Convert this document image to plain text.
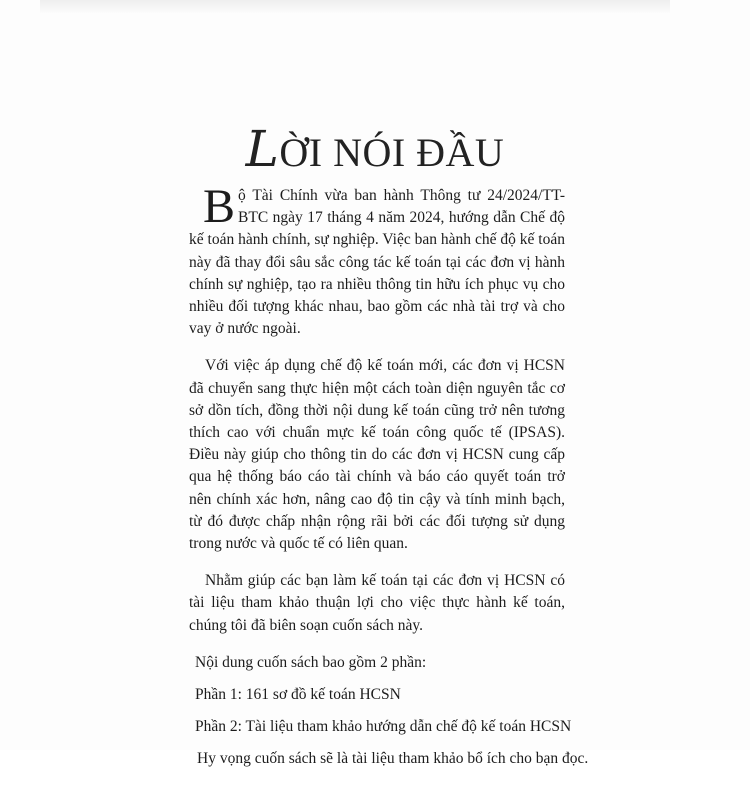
LỜI NÓI ĐẦU

Bộ Tài Chính vừa ban hành Thông tư 24/2024/TT-BTC ngày 17 tháng 4 năm 2024, hướng dẫn Chế độ kế toán hành chính, sự nghiệp. Việc ban hành chế độ kế toán này đã thay đổi sâu sắc công tác kế toán tại các đơn vị hành chính sự nghiệp, tạo ra nhiều thông tin hữu ích phục vụ cho nhiều đối tượng khác nhau, bao gồm các nhà tài trợ và cho vay ở nước ngoài.

Với việc áp dụng chế độ kế toán mới, các đơn vị HCSN đã chuyển sang thực hiện một cách toàn diện nguyên tắc cơ sở dồn tích, đồng thời nội dung kế toán cũng trở nên tương thích cao với chuẩn mực kế toán công quốc tế (IPSAS). Điều này giúp cho thông tin do các đơn vị HCSN cung cấp qua hệ thống báo cáo tài chính và báo cáo quyết toán trở nên chính xác hơn, nâng cao độ tin cậy và tính minh bạch, từ đó được chấp nhận rộng rãi bởi các đối tượng sử dụng trong nước và quốc tế có liên quan.

Nhằm giúp các bạn làm kế toán tại các đơn vị HCSN có tài liệu tham khảo thuận lợi cho việc thực hành kế toán, chúng tôi đã biên soạn cuốn sách này.

Nội dung cuốn sách bao gồm 2 phần:

Phần 1: 161 sơ đồ kế toán HCSN

Phần 2: Tài liệu tham khảo hướng dẫn chế độ kế toán HCSN

Hy vọng cuốn sách sẽ là tài liệu tham khảo bổ ích cho bạn đọc.
